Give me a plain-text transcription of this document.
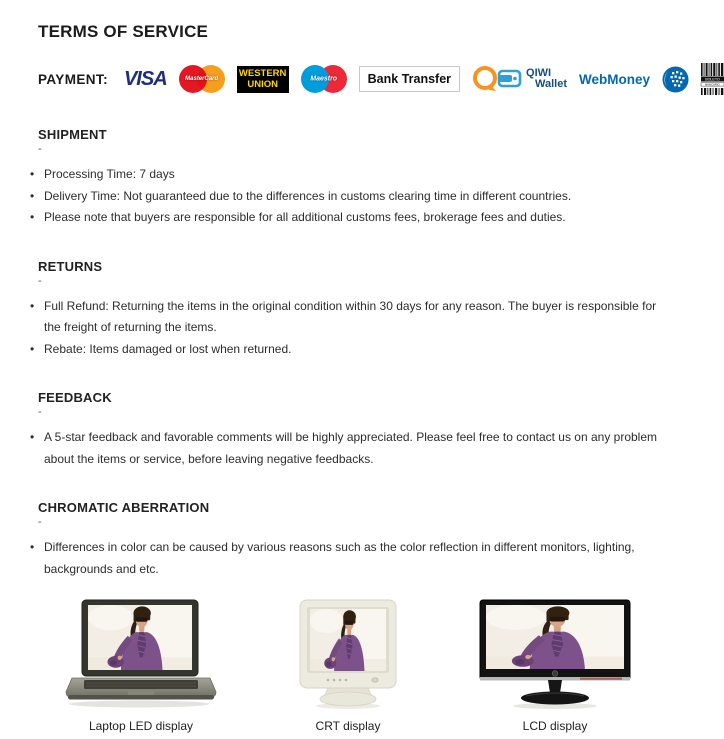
TERMS OF SERVICE
PAYMENT: VISA	MasterCard	WESTERN
UNION	Maestro	Bank Transfer	QIWI
Wallet WebMoney	BOLETO
BANCARIO
SHIPMENT
-
• Processing Time: 7 days
• Delivery Time: Not guaranteed due to the differences in customs clearing time in different countries.
• Please note that buyers are responsible for all additional customs fees, brokerage fees and duties.
RETURNS
-
• Full Refund: Returning the items in the original condition within 30 days for any reason. The buyer is responsible for the freight of returning the items.
• Rebate: Items damaged or lost when returned.
FEEDBACK
-
• A 5-star feedback and favorable comments will be highly appreciated. Please feel free to contact us on any problem about the items or service, before leaving negative feedbacks.
CHROMATIC ABERRATION
-
• Differences in color can be caused by various reasons such as the color reflection in different monitors, lighting, backgrounds and etc.
Laptop LED display	CRT display	LCD display
